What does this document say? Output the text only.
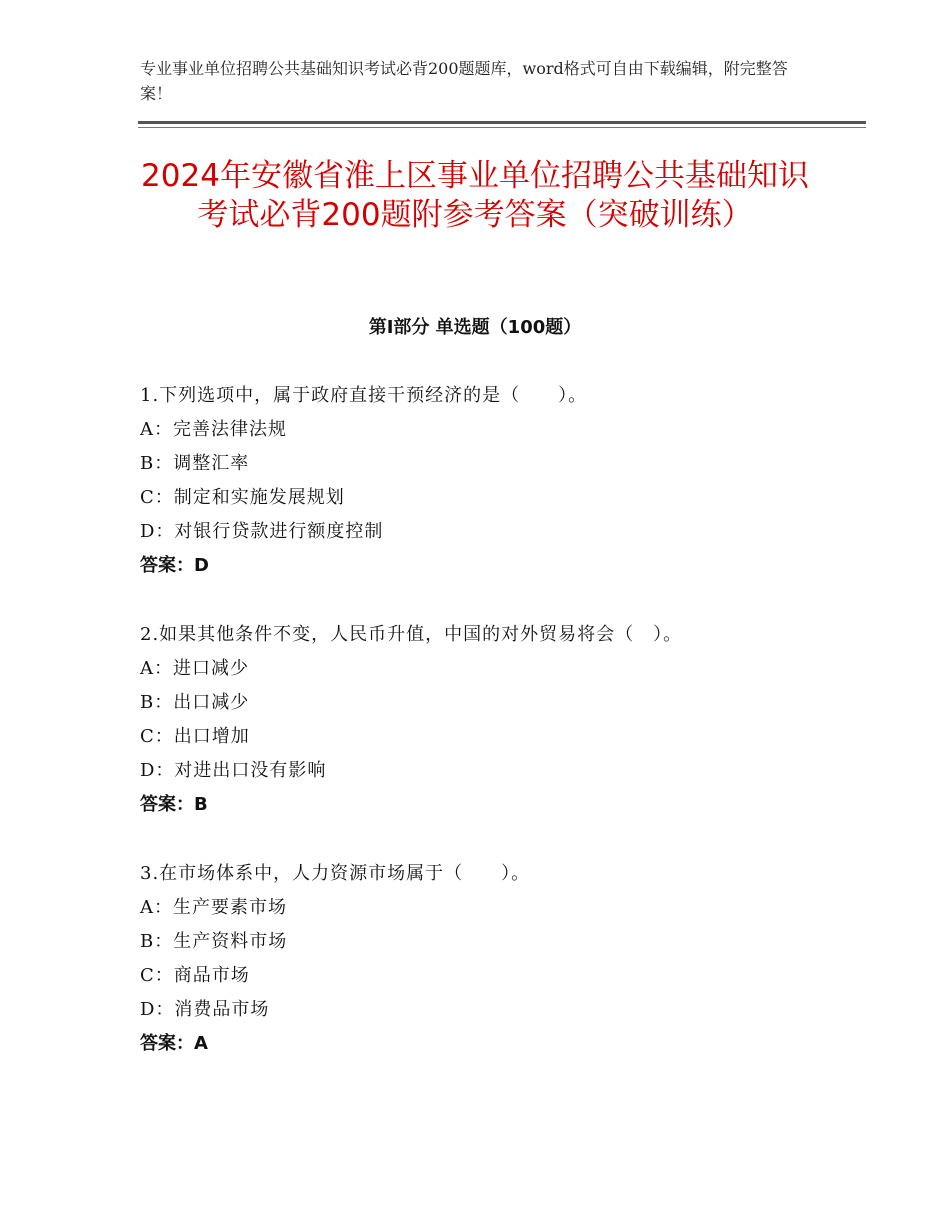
专业事业单位招聘公共基础知识考试必背200题题库，word格式可自由下载编辑，附完整答案！
2024年安徽省淮上区事业单位招聘公共基础知识考试必背200题附参考答案（突破训练）
第Ⅰ部分 单选题（100题）
1.下列选项中，属于政府直接干预经济的是（　　）。
A：完善法律法规
B：调整汇率
C：制定和实施发展规划
D：对银行贷款进行额度控制
答案：D
2.如果其他条件不变，人民币升值，中国的对外贸易将会（　）。
A：进口减少
B：出口减少
C：出口增加
D：对进出口没有影响
答案：B
3.在市场体系中，人力资源市场属于（　　）。
A：生产要素市场
B：生产资料市场
C：商品市场
D：消费品市场
答案：A
